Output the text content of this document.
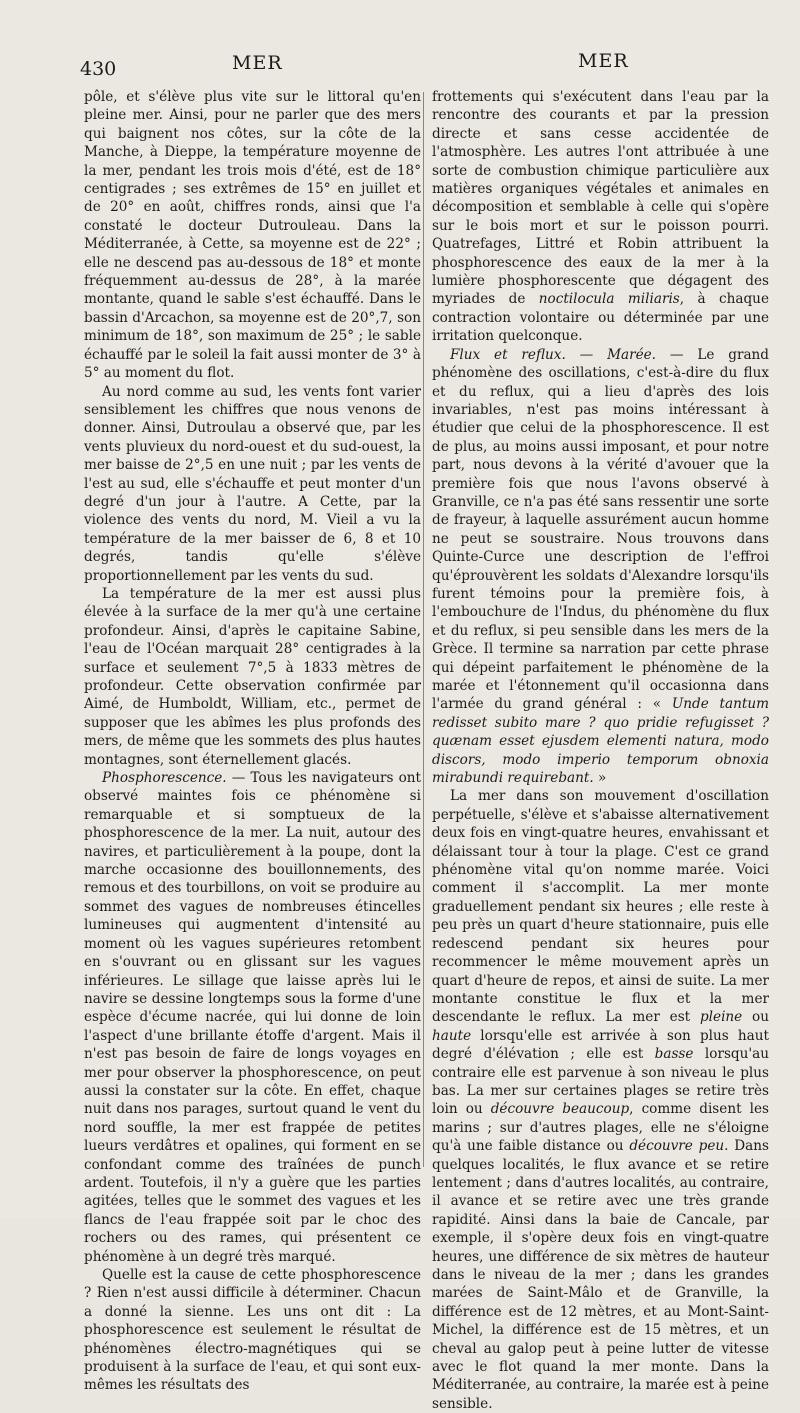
430	MER	MER

pôle, et s'élève plus vite sur le littoral qu'en pleine mer. Ainsi, pour ne parler que des mers qui baignent nos côtes, sur la côte de la Manche, à Dieppe, la température moyenne de la mer, pendant les trois mois d'été, est de 18° centigrades ; ses extrêmes de 15° en juillet et de 20° en août, chiffres ronds, ainsi que l'a constaté le docteur Dutrouleau. Dans la Méditerranée, à Cette, sa moyenne est de 22° ; elle ne descend pas au-dessous de 18° et monte fréquemment au-dessus de 28°, à la marée montante, quand le sable s'est échauffé. Dans le bassin d'Arcachon, sa moyenne est de 20°,7, son minimum de 18°, son maximum de 25° ; le sable échauffé par le soleil la fait aussi monter de 3° à 5° au moment du flot.

Au nord comme au sud, les vents font varier sensiblement les chiffres que nous venons de donner. Ainsi, Dutroulau a observé que, par les vents pluvieux du nord-ouest et du sud-ouest, la mer baisse de 2°,5 en une nuit ; par les vents de l'est au sud, elle s'échauffe et peut monter d'un degré d'un jour à l'autre. A Cette, par la violence des vents du nord, M. Vieil a vu la température de la mer baisser de 6, 8 et 10 degrés, tandis qu'elle s'élève proportionnellement par les vents du sud.

La température de la mer est aussi plus élevée à la surface de la mer qu'à une certaine profondeur. Ainsi, d'après le capitaine Sabine, l'eau de l'Océan marquait 28° centigrades à la surface et seulement 7°,5 à 1833 mètres de profondeur. Cette observation confirmée par Aimé, de Humboldt, William, etc., permet de supposer que les abîmes les plus profonds des mers, de même que les sommets des plus hautes montagnes, sont éternellement glacés.

Phosphorescence. — Tous les navigateurs ont observé maintes fois ce phénomène si remarquable et si somptueux de la phosphorescence de la mer. La nuit, autour des navires, et particulièrement à la poupe, dont la marche occasionne des bouillonnements, des remous et des tourbillons, on voit se produire au sommet des vagues de nombreuses étincelles lumineuses qui augmentent d'intensité au moment où les vagues supérieures retombent en s'ouvrant ou en glissant sur les vagues inférieures. Le sillage que laisse après lui le navire se dessine longtemps sous la forme d'une espèce d'écume nacrée, qui lui donne de loin l'aspect d'une brillante étoffe d'argent. Mais il n'est pas besoin de faire de longs voyages en mer pour observer la phosphorescence, on peut aussi la constater sur la côte. En effet, chaque nuit dans nos parages, surtout quand le vent du nord souffle, la mer est frappée de petites lueurs verdâtres et opalines, qui forment en se confondant comme des traînées de punch ardent. Toutefois, il n'y a guère que les parties agitées, telles que le sommet des vagues et les flancs de l'eau frappée soit par le choc des rochers ou des rames, qui présentent ce phénomène à un degré très marqué.

Quelle est la cause de cette phosphorescence ? Rien n'est aussi difficile à déterminer. Chacun a donné la sienne. Les uns ont dit : La phosphorescence est seulement le résultat de phénomènes électro-magnétiques qui se produisent à la surface de l'eau, et qui sont eux-mêmes les résultats des

frottements qui s'exécutent dans l'eau par la rencontre des courants et par la pression directe et sans cesse accidentée de l'atmosphère. Les autres l'ont attribuée à une sorte de combustion chimique particulière aux matières organiques végétales et animales en décomposition et semblable à celle qui s'opère sur le bois mort et sur le poisson pourri. Quatrefages, Littré et Robin attribuent la phosphorescence des eaux de la mer à la lumière phosphorescente que dégagent des myriades de noctilocula miliaris, à chaque contraction volontaire ou déterminée par une irritation quelconque.

Flux et reflux. — Marée. — Le grand phénomène des oscillations, c'est-à-dire du flux et du reflux, qui a lieu d'après des lois invariables, n'est pas moins intéressant à étudier que celui de la phosphorescence. Il est de plus, au moins aussi imposant, et pour notre part, nous devons à la vérité d'avouer que la première fois que nous l'avons observé à Granville, ce n'a pas été sans ressentir une sorte de frayeur, à laquelle assurément aucun homme ne peut se soustraire. Nous trouvons dans Quinte-Curce une description de l'effroi qu'éprouvèrent les soldats d'Alexandre lorsqu'ils furent témoins pour la première fois, à l'embouchure de l'Indus, du phénomène du flux et du reflux, si peu sensible dans les mers de la Grèce. Il termine sa narration par cette phrase qui dépeint parfaitement le phénomène de la marée et l'étonnement qu'il occasionna dans l'armée du grand général : « Unde tantum redisset subito mare ? quo pridie refugisset ? quænam esset ejusdem elementi natura, modo discors, modo imperio temporum obnoxia mirabundi requirebant. »

La mer dans son mouvement d'oscillation perpétuelle, s'élève et s'abaisse alternativement deux fois en vingt-quatre heures, envahissant et délaissant tour à tour la plage. C'est ce grand phénomène vital qu'on nomme marée. Voici comment il s'accomplit. La mer monte graduellement pendant six heures ; elle reste à peu près un quart d'heure stationnaire, puis elle redescend pendant six heures pour recommencer le même mouvement après un quart d'heure de repos, et ainsi de suite. La mer montante constitue le flux et la mer descendante le reflux. La mer est pleine ou haute lorsqu'elle est arrivée à son plus haut degré d'élévation ; elle est basse lorsqu'au contraire elle est parvenue à son niveau le plus bas. La mer sur certaines plages se retire très loin ou découvre beaucoup, comme disent les marins ; sur d'autres plages, elle ne s'éloigne qu'à une faible distance ou découvre peu. Dans quelques localités, le flux avance et se retire lentement ; dans d'autres localités, au contraire, il avance et se retire avec une très grande rapidité. Ainsi dans la baie de Cancale, par exemple, il s'opère deux fois en vingt-quatre heures, une différence de six mètres de hauteur dans le niveau de la mer ; dans les grandes marées de Saint-Mâlo et de Granville, la différence est de 12 mètres, et au Mont-Saint-Michel, la différence est de 15 mètres, et un cheval au galop peut à peine lutter de vitesse avec le flot quand la mer monte. Dans la Méditerranée, au contraire, la marée est à peine sensible.
